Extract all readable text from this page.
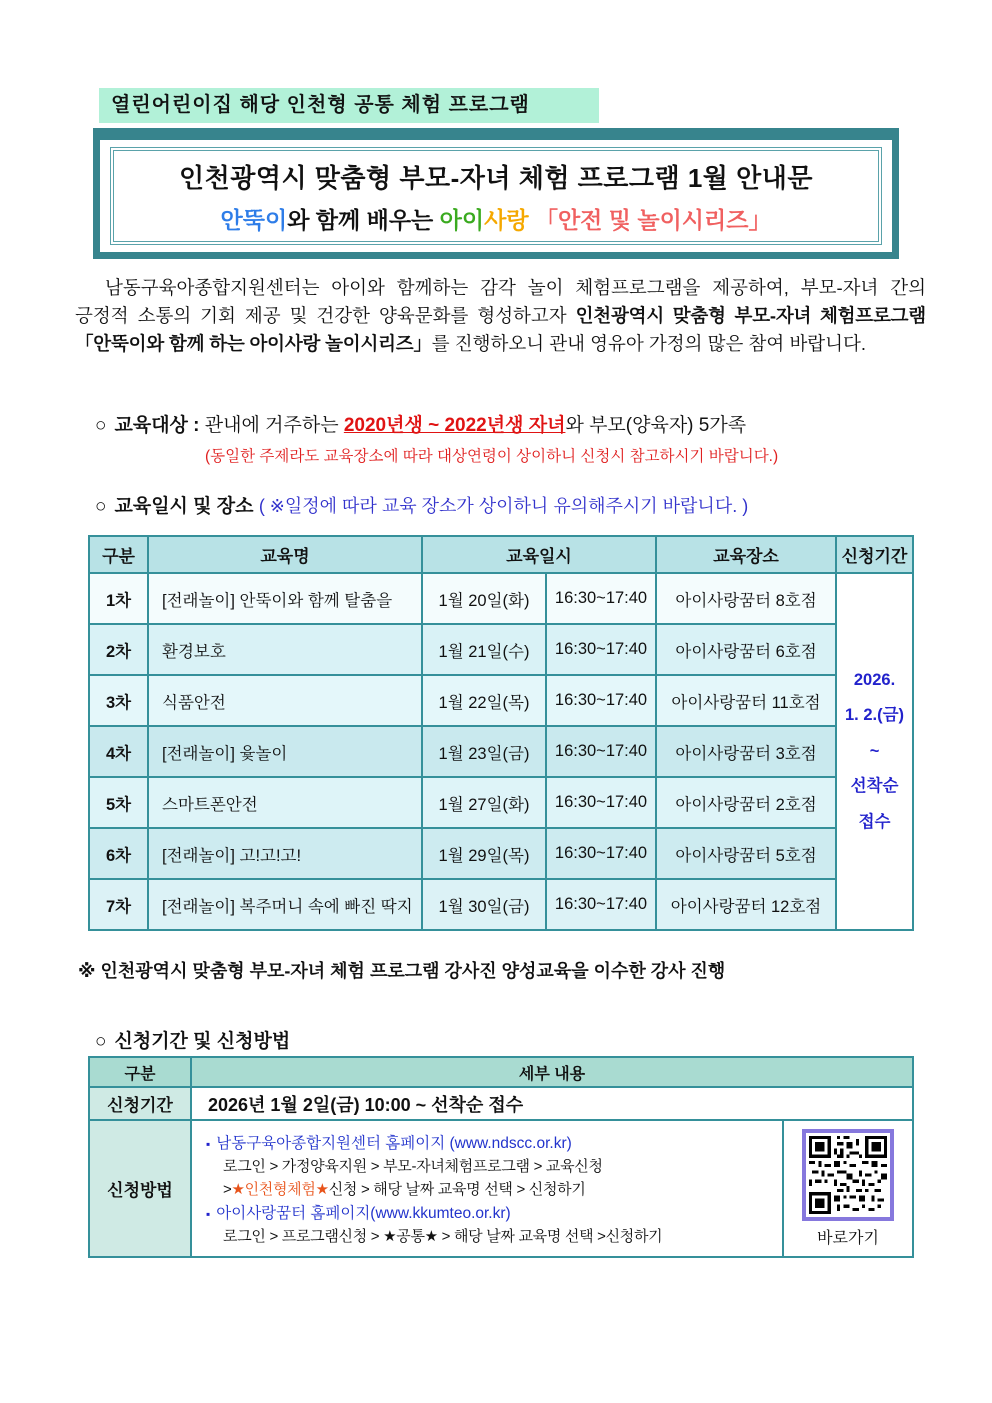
열린어린이집 해당 인천형 공통 체험 프로그램
인천광역시 맞춤형 부모-자녀 체험 프로그램 1월 안내문
안뚝이와 함께 배우는 아이사랑 「안전 및 놀이시리즈」

남동구육아종합지원센터는 아이와 함께하는 감각 놀이 체험프로그램을 제공하여, 부모-자녀 간의 긍정적 소통의 기회 제공 및 건강한 양육문화를 형성하고자 인천광역시 맞춤형 부모-자녀 체험프로그램 「안뚝이와 함께 하는 아이사랑 놀이시리즈」를 진행하오니 관내 영유아 가정의 많은 참여 바랍니다.

○ 교육대상 : 관내에 거주하는 2020년생 ~ 2022년생 자녀와 부모(양육자) 5가족
(동일한 주제라도 교육장소에 따라 대상연령이 상이하니 신청시 참고하시기 바랍니다.)
○ 교육일시 및 장소 ( ※일정에 따라 교육 장소가 상이하니 유의해주시기 바랍니다. )
구분	교육명	교육일시		교육장소	신청기간
1차	[전래놀이] 안뚝이와 함께 탈춤을	1월 20일(화)	16:30~17:40	아이사랑꿈터 8호점	2026.
1. 2.(금)
~
선착순
접수

2차	환경보호	1월 21일(수)	16:30~17:40	아이사랑꿈터 6호점	
3차	식품안전	1월 22일(목)	16:30~17:40	아이사랑꿈터 11호점	
4차	[전래놀이] 윷놀이	1월 23일(금)	16:30~17:40	아이사랑꿈터 3호점	
5차	스마트폰안전	1월 27일(화)	16:30~17:40	아이사랑꿈터 2호점	
6차	[전래놀이] 고!고!고!	1월 29일(목)	16:30~17:40	아이사랑꿈터 5호점	
7차	[전래놀이] 복주머니 속에 빠진 딱지	1월 30일(금)	16:30~17:40	아이사랑꿈터 12호점	
※ 인천광역시 맞춤형 부모-자녀 체험 프로그램 강사진 양성교육을 이수한 강사 진행
○ 신청기간 및 신청방법
구분	세부 내용	
신청기간	2026년 1월 2일(금) 10:00 ~ 선착순 접수	
신청방법	▪ 남동구육아종합지원센터 홈페이지 (www.ndscc.or.kr)
로그인 > 가정양육지원 > 부모-자녀체험프로그램 > 교육신청
>★인천형체험★신청 > 해당 날짜 교육명 선택 > 신청하기
▪ 아이사랑꿈터 홈페이지(www.kkumteo.or.kr)
로그인 > 프로그램신청 > ★공통★ > 해당 날짜 교육명 선택 >신청하기	바로가기
